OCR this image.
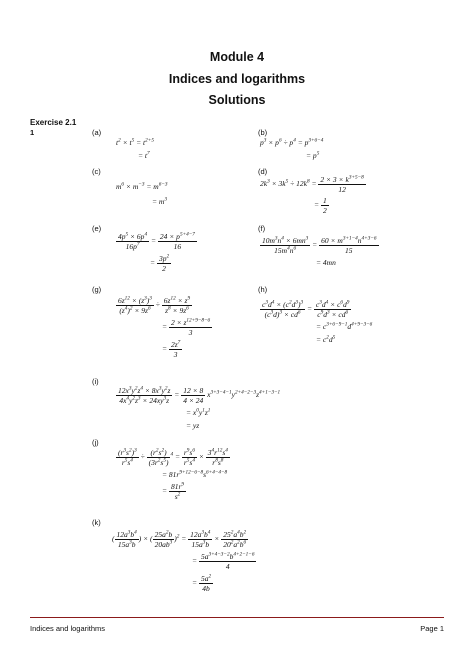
Module 4
Indices and logarithms
Solutions
Exercise 2.1
1	(a)
$t^2 \times t^5 = t^{2+5}$
= $t^7$
(b)
$p^3 \times p^6 \div p^4 = p^{3+6-4}$
= $p^5$
(c)
$m^6 \times m^{-3} = m^{6-3}$
= $m^3$
(d)
$2k^3 \times 3k^5 \div 12k^8 = \frac{2 \times 3 \times k^{3+5-8}}{12}$
= $\frac{1}{2}$
(e)
$\frac{4p^5 \times 6p^4}{16p^7} = \frac{24 \times p^{5+4-7}}{16}$
= $\frac{3p^2}{2}$
(f)
$\frac{10m^3n^4 \times 6mn^3}{15m^4n^6} = \frac{60 \times m^{3+1-4}n^{4+3-6}}{15}$
= 4mn
(g)
$\frac{6z^{12} \times (z^3)^3}{(z^4)^2 \times 9z^6} \div \frac{6z^{12} \times z^9}{z^8 \times 9z^6}$
= $\frac{2 \times z^{12+9-8-6}}{3}$
= $\frac{2z^7}{3}$
(h)
$\frac{c^3d^4 \times (c^2d^3)^3}{(c^3d)^3 \times cd^6} = \frac{c^3d^4 \times c^6d^9}{c^9d^3 \times cd^6}$
= $c^{3+6-9-1}d^{4+9-3-6}$
= $c^2d^5$
(i)
$\frac{12x^3y^2z^4 \times 8x^3y^2z}{4x^4y^2z^3 \times 24xy^3z} = \frac{12 \times 8}{4 \times 24} x^{3+3-4-1}y^{2+4-2-3}z^{4+1-3-1}$
= $x^0y^1z^1$
= yz
(j)
$\frac{(r^3s^2)^3}{r^5s^4} \div \frac{(r^2s^2)}{(3r^2s^5)} ^4 = \frac{r^9s^6}{r^5s^4} \times \frac{3^4r^{12}s^4}{r^8s^8}$
= $81r^{9+12-6-8}s^{6+4-4-8}$
= $\frac{81r^9}{s^2}$
(k)
( $\frac{12a^3b^4}{15a^3b}$ ) × ( $\frac{25a^2b}{20ab^3} )^2 = \frac{12a^3b^4}{15a^3b} \times \frac{25^2a^4b^2}{20^2a^2b^6}$
= $\frac{5a^{3+4-3-2}b^{4+2-1-6}}{4}$
= $\frac{5a^2}{4b}$
Indices and logarithms	Page 1
